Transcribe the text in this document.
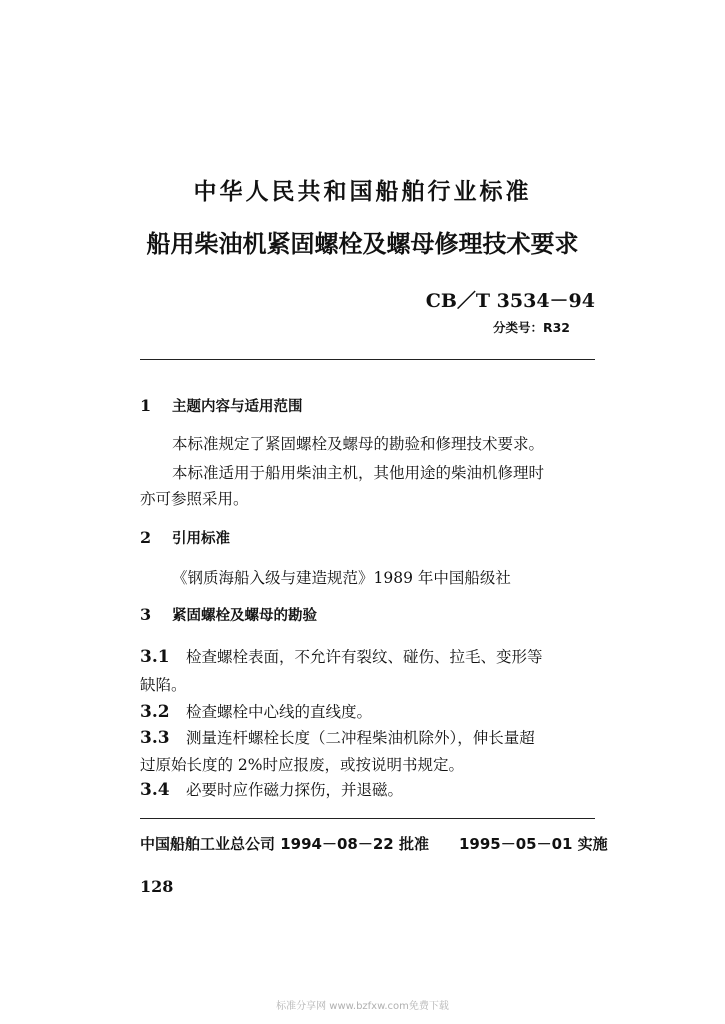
中华人民共和国船舶行业标准
船用柴油机紧固螺栓及螺母修理技术要求
CB／T 3534－94
分类号：R32
1 主题内容与适用范围
本标准规定了紧固螺栓及螺母的勘验和修理技术要求。
本标准适用于船用柴油主机，其他用途的柴油机修理时
亦可参照采用。
2 引用标准
《钢质海船入级与建造规范》1989 年中国船级社
3 紧固螺栓及螺母的勘验
3.1 检查螺栓表面，不允许有裂纹、碰伤、拉毛、变形等
缺陷。
3.2 检查螺栓中心线的直线度。
3.3 测量连杆螺栓长度（二冲程柴油机除外），伸长量超
过原始长度的 2%时应报废，或按说明书规定。
3.4 必要时应作磁力探伤，并退磁。
中国船舶工业总公司 1994－08－22 批准 1995－05－01 实施
128
标准分享网 www.bzfxw.com免费下载
